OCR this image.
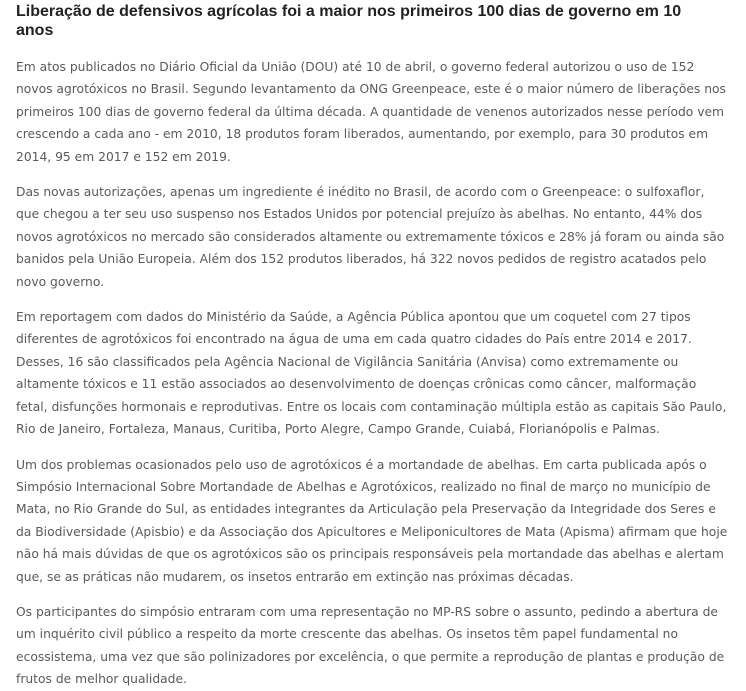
Liberação de defensivos agrícolas foi a maior nos primeiros 100 dias de governo em 10 anos

Em atos publicados no Diário Oficial da União (DOU) até 10 de abril, o governo federal autorizou o uso de 152 novos agrotóxicos no Brasil. Segundo levantamento da ONG Greenpeace, este é o maior número de liberações nos primeiros 100 dias de governo federal da última década. A quantidade de venenos autorizados nesse período vem crescendo a cada ano - em 2010, 18 produtos foram liberados, aumentando, por exemplo, para 30 produtos em 2014, 95 em 2017 e 152 em 2019.

Das novas autorizações, apenas um ingrediente é inédito no Brasil, de acordo com o Greenpeace: o sulfoxaflor, que chegou a ter seu uso suspenso nos Estados Unidos por potencial prejuízo às abelhas. No entanto, 44% dos novos agrotóxicos no mercado são considerados altamente ou extremamente tóxicos e 28% já foram ou ainda são banidos pela União Europeia. Além dos 152 produtos liberados, há 322 novos pedidos de registro acatados pelo novo governo.

Em reportagem com dados do Ministério da Saúde, a Agência Pública apontou que um coquetel com 27 tipos diferentes de agrotóxicos foi encontrado na água de uma em cada quatro cidades do País entre 2014 e 2017. Desses, 16 são classificados pela Agência Nacional de Vigilância Sanitária (Anvisa) como extremamente ou altamente tóxicos e 11 estão associados ao desenvolvimento de doenças crônicas como câncer, malformação fetal, disfunções hormonais e reprodutivas. Entre os locais com contaminação múltipla estão as capitais São Paulo, Rio de Janeiro, Fortaleza, Manaus, Curitiba, Porto Alegre, Campo Grande, Cuiabá, Florianópolis e Palmas.

Um dos problemas ocasionados pelo uso de agrotóxicos é a mortandade de abelhas. Em carta publicada após o Simpósio Internacional Sobre Mortandade de Abelhas e Agrotóxicos, realizado no final de março no município de Mata, no Rio Grande do Sul, as entidades integrantes da Articulação pela Preservação da Integridade dos Seres e da Biodiversidade (Apisbio) e da Associação dos Apicultores e Meliponicultores de Mata (Apisma) afirmam que hoje não há mais dúvidas de que os agrotóxicos são os principais responsáveis pela mortandade das abelhas e alertam que, se as práticas não mudarem, os insetos entrarão em extinção nas próximas décadas.

Os participantes do simpósio entraram com uma representação no MP-RS sobre o assunto, pedindo a abertura de um inquérito civil público a respeito da morte crescente das abelhas. Os insetos têm papel fundamental no ecossistema, uma vez que são polinizadores por excelência, o que permite a reprodução de plantas e produção de frutos de melhor qualidade.
